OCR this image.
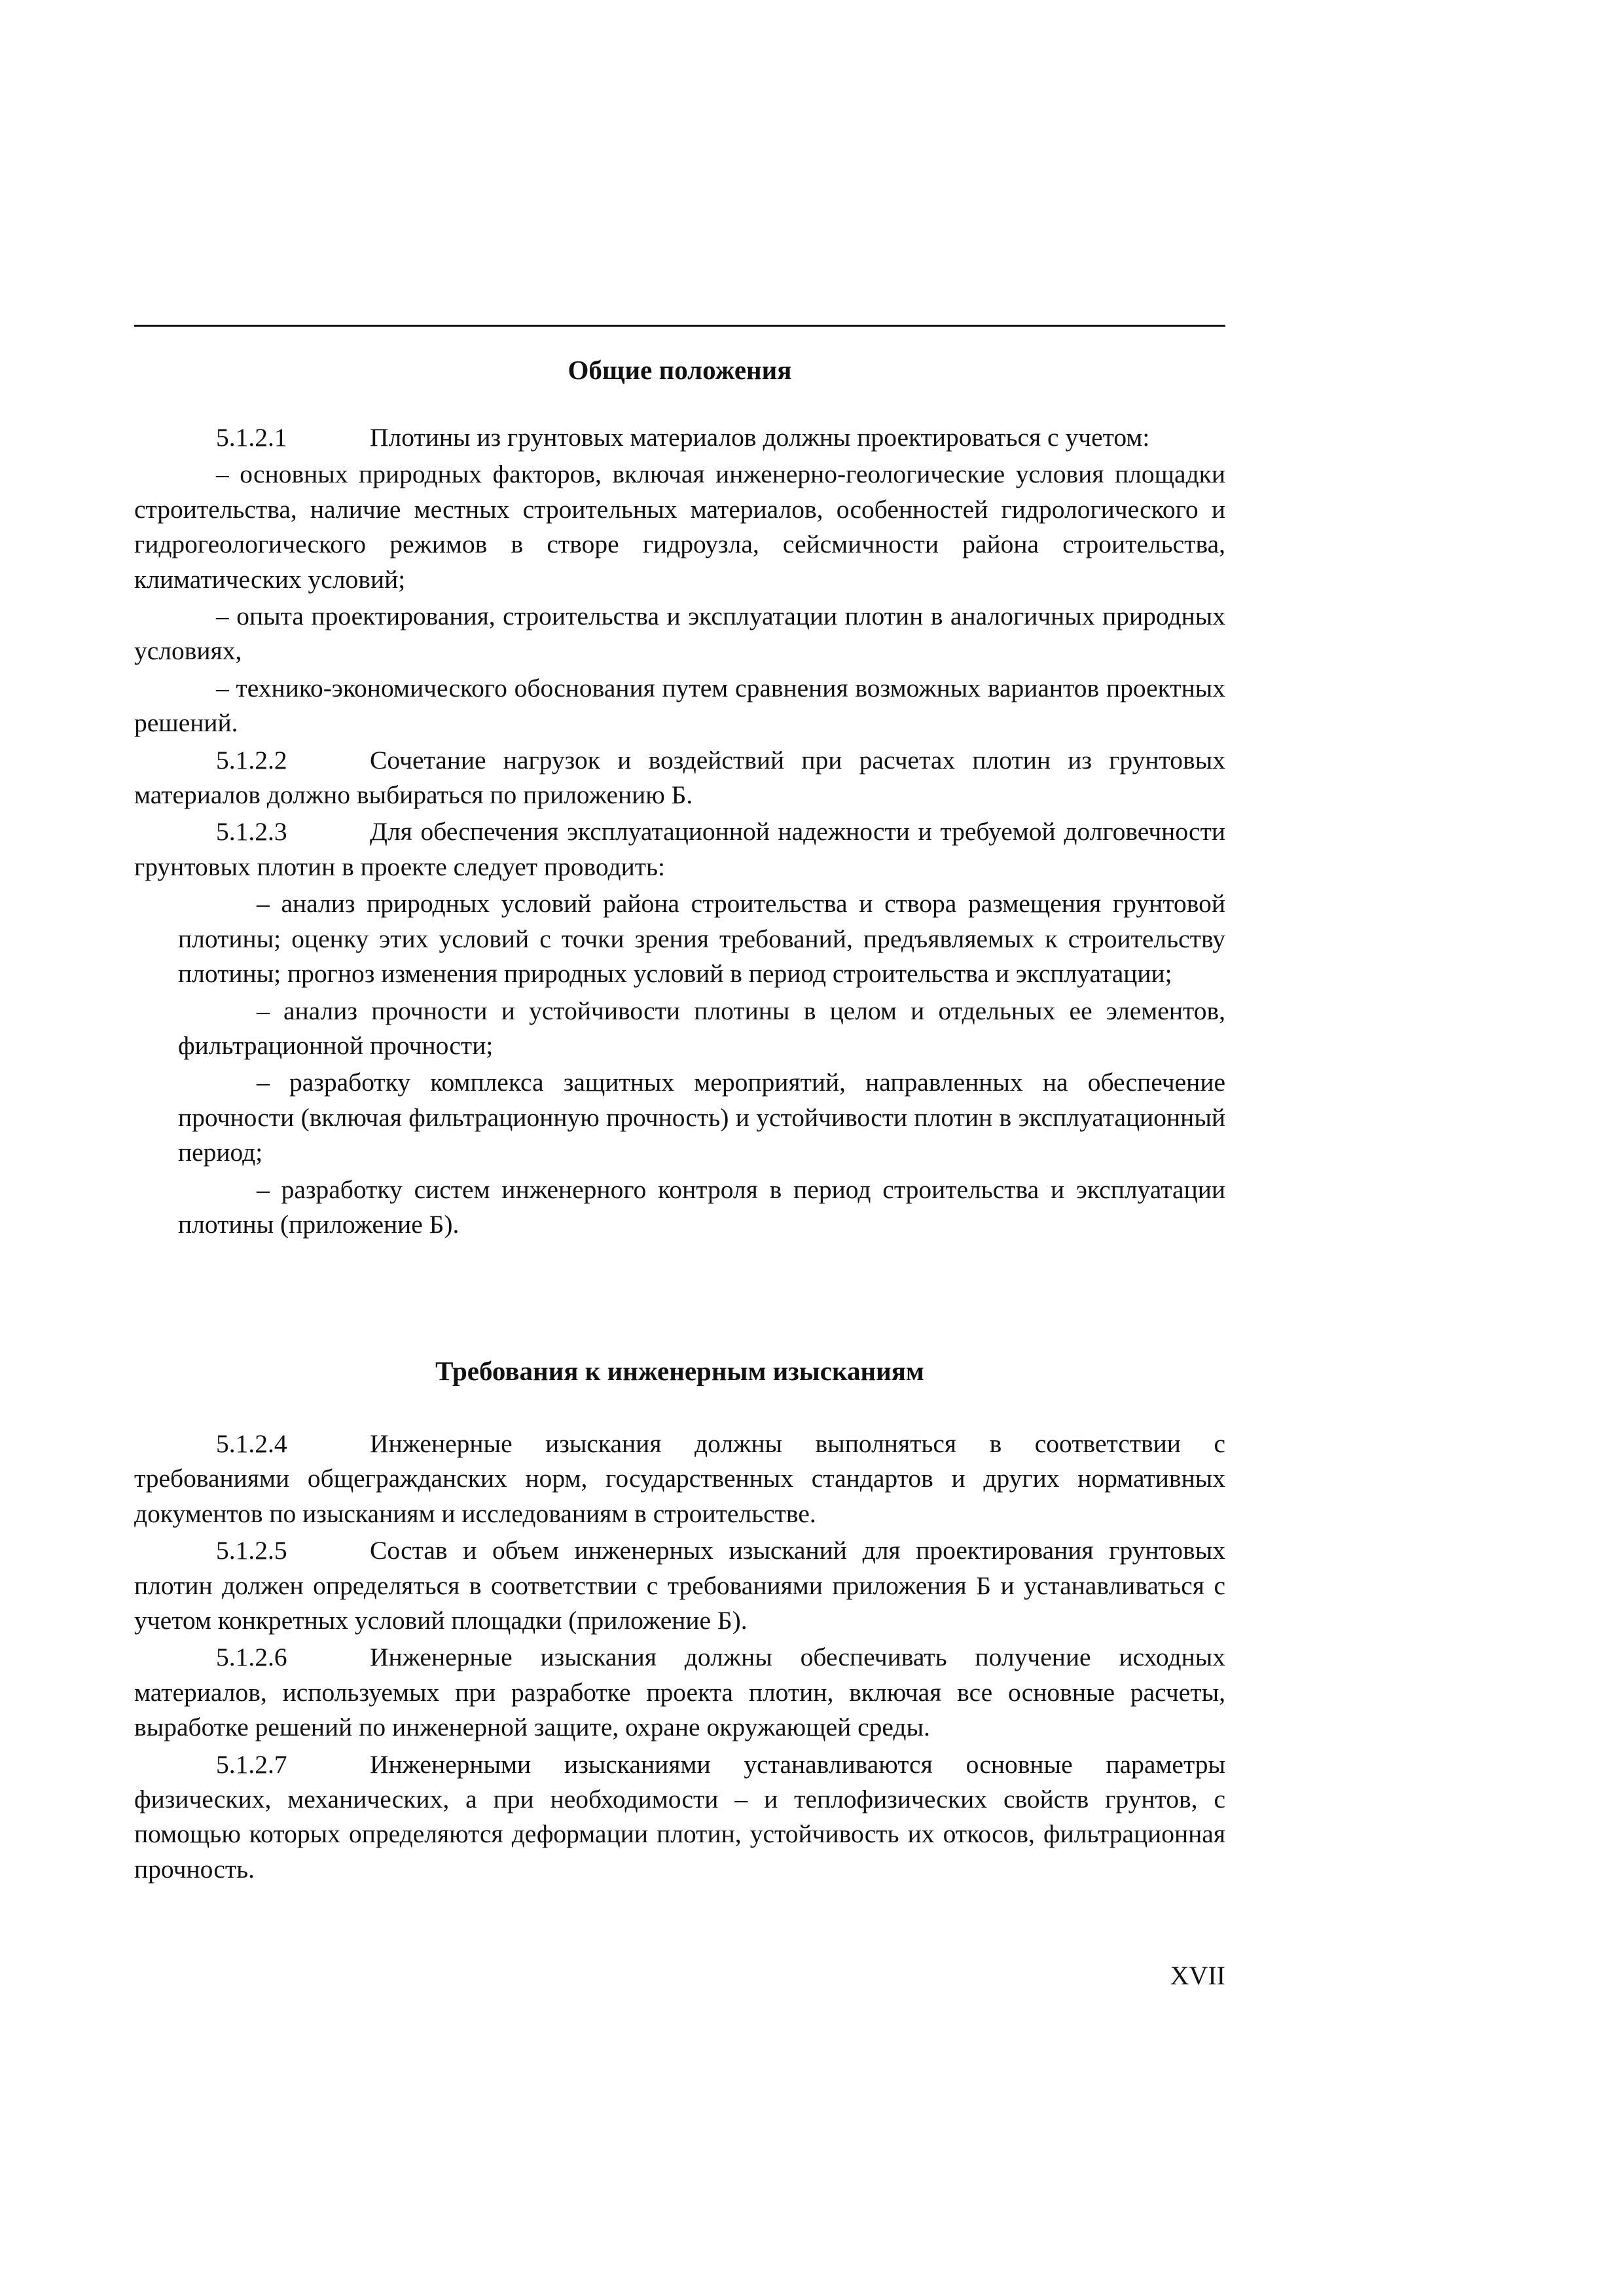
Общие положения

5.1.2.1	Плотины из грунтовых материалов должны проектироваться с учетом:

– основных природных факторов, включая инженерно-геологические условия площадки строительства, наличие местных строительных материалов, особенностей гидрологического и гидрогеологического режимов в створе гидроузла, сейсмичности района строительства, климатических условий;

– опыта проектирования, строительства и эксплуатации плотин в аналогичных природных условиях,

– технико-экономического обоснования путем сравнения возможных вариантов проектных решений.

5.1.2.2	Сочетание нагрузок и воздействий при расчетах плотин из грунтовых материалов должно выбираться по приложению Б.

5.1.2.3	Для обеспечения эксплуатационной надежности и требуемой долговечности грунтовых плотин в проекте следует проводить:

– анализ природных условий района строительства и створа размещения грунтовой плотины; оценку этих условий с точки зрения требований, предъявляемых к строительству плотины; прогноз изменения природных условий в период строительства и эксплуатации;

– анализ прочности и устойчивости плотины в целом и отдельных ее элементов, фильтрационной прочности;

– разработку комплекса защитных мероприятий, направленных на обеспечение прочности (включая фильтрационную прочность) и устойчивости плотин в эксплуатационный период;

– разработку систем инженерного контроля в период строительства и эксплуатации плотины (приложение Б).

Требования к инженерным изысканиям

5.1.2.4	Инженерные изыскания должны выполняться в соответствии с требованиями общегражданских норм, государственных стандартов и других нормативных документов по изысканиям и исследованиям в строительстве.

5.1.2.5	Состав и объем инженерных изысканий для проектирования грунтовых плотин должен определяться в соответствии с требованиями приложения Б и устанавливаться с учетом конкретных условий площадки (приложение Б).

5.1.2.6	Инженерные изыскания должны обеспечивать получение исходных материалов, используемых при разработке проекта плотин, включая все основные расчеты, выработке решений по инженерной защите, охране окружающей среды.

5.1.2.7	Инженерными изысканиями устанавливаются основные параметры физических, механических, а при необходимости – и теплофизических свойств грунтов, с помощью которых определяются деформации плотин, устойчивость их откосов, фильтрационная прочность.

XVII
